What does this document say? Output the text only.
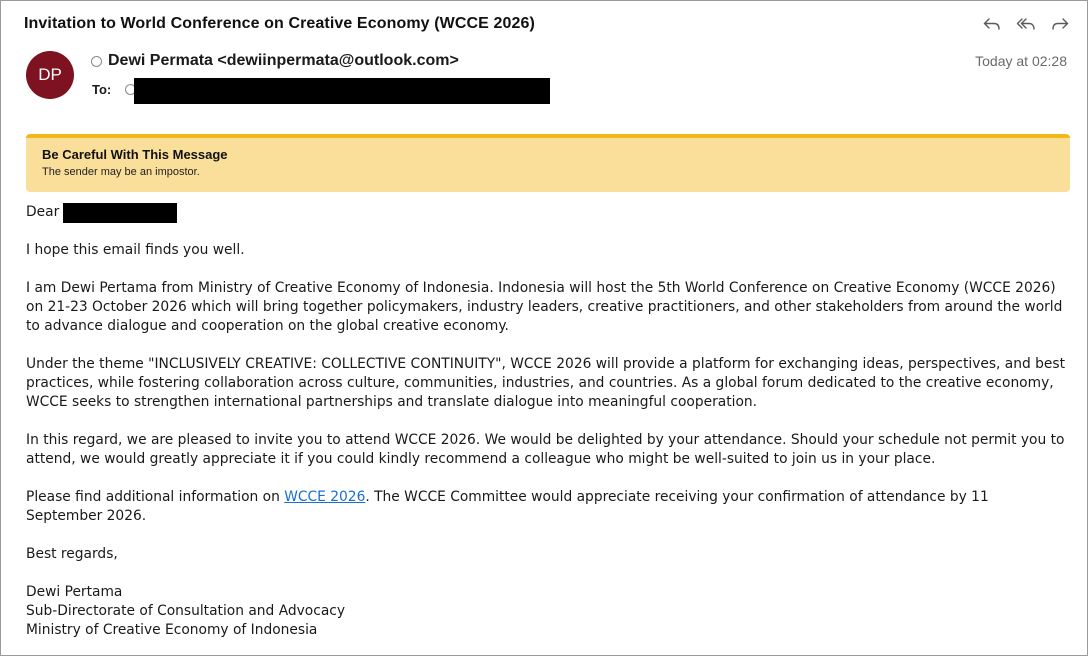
Invitation to World Conference on Creative Economy (WCCE 2026)
DP
Dewi Permata <dewiinpermata@outlook.com>
To:
Today at 02:28
Be Careful With This Message
The sender may be an impostor.
Dear

I hope this email finds you well.

I am Dewi Pertama from Ministry of Creative Economy of Indonesia. Indonesia will host the 5th World Conference on Creative Economy (WCCE 2026) on 21-23 October 2026 which will bring together policymakers, industry leaders, creative practitioners, and other stakeholders from around the world to advance dialogue and cooperation on the global creative economy.

Under the theme "INCLUSIVELY CREATIVE: COLLECTIVE CONTINUITY", WCCE 2026 will provide a platform for exchanging ideas, perspectives, and best practices, while fostering collaboration across culture, communities, industries, and countries. As a global forum dedicated to the creative economy, WCCE seeks to strengthen international partnerships and translate dialogue into meaningful cooperation.

In this regard, we are pleased to invite you to attend WCCE 2026. We would be delighted by your attendance. Should your schedule not permit you to attend, we would greatly appreciate it if you could kindly recommend a colleague who might be well-suited to join us in your place.

Please find additional information on WCCE 2026. The WCCE Committee would appreciate receiving your confirmation of attendance by 11 September 2026.

Best regards,

Dewi Pertama

Sub-Directorate of Consultation and Advocacy

Ministry of Creative Economy of Indonesia
